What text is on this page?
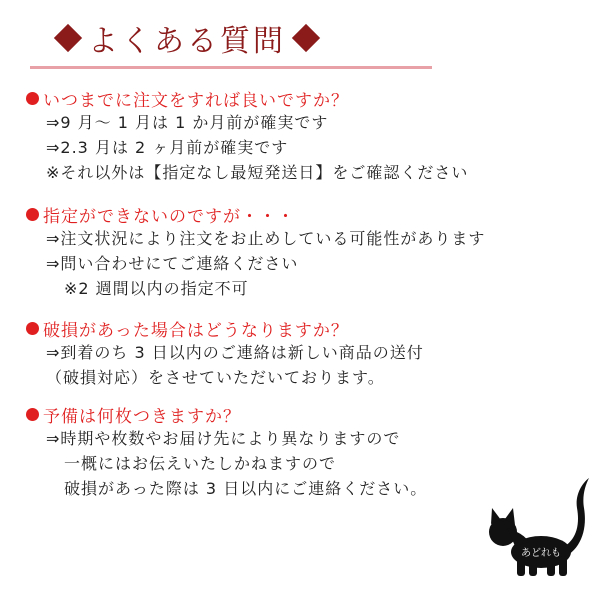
よくある質問
いつまでに注文をすれば良いですか？
⇒9 月～ 1 月は 1 か月前が確実です
⇒2.3 月は 2 ヶ月前が確実です
※それ以外は【指定なし最短発送日】をご確認ください
指定ができないのですが・・・
⇒注文状況により注文をお止めしている可能性があります
⇒問い合わせにてご連絡ください
※2 週間以内の指定不可
破損があった場合はどうなりますか？
⇒到着のち 3 日以内のご連絡は新しい商品の送付
（破損対応）をさせていただいております。
予備は何枚つきますか？
⇒時期や枚数やお届け先により異なりますので
一概にはお伝えいたしかねますので
破損があった際は 3 日以内にご連絡ください。
あどれも
